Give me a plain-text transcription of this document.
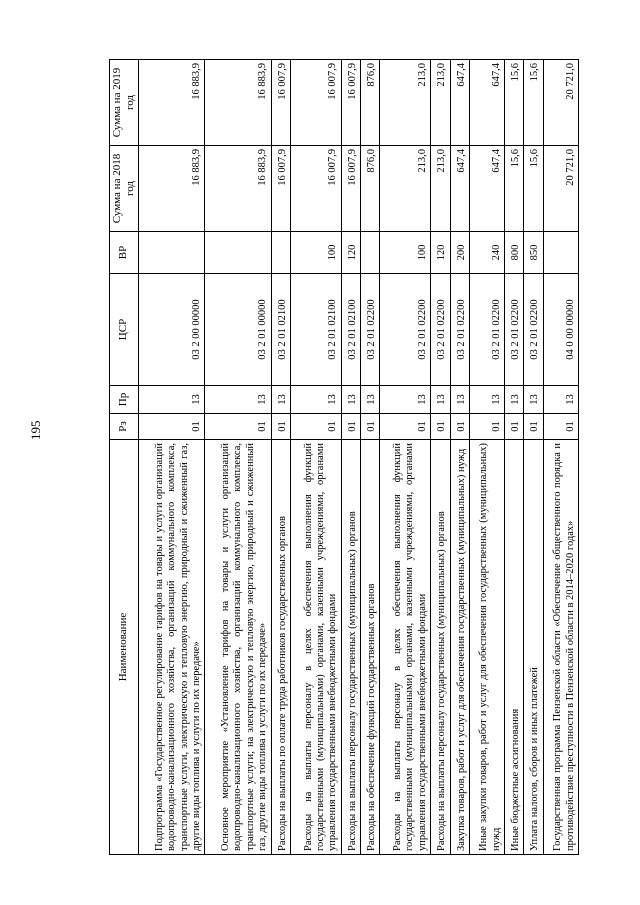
195
Наименование	Рз	Пр	ЦСР	ВР	Сумма на 2018 год	Сумма на 2019 год
Подпрограмма «Государственное регулирование тарифов на товары и услуги организаций водопроводно-канализационного хозяйства, организаций коммунального комплекса, транспортные услуги, электрическую и тепловую энергию, природный и сжиженный газ, другие виды топлива и услуги по их передаче»	01	13	03 2 00 00000		16 883,9	16 883,9
Основное мероприятие «Установление тарифов на товары и услуги организаций водопроводно-канализационного хозяйства, организаций коммунального комплекса, транспортные услуги; на электрическую и тепловую энергию, природный и сжиженный газ, другие виды топлива и услуги по их передаче»	01	13	03 2 01 00000		16 883,9	16 883,9
Расходы на выплаты по оплате труда работников государственных органов	01	13	03 2 01 02100		16 007,9	16 007,9
Расходы на выплаты персоналу в целях обеспечения выполнения функций государственными (муниципальными) органами, казенными учреждениями, органами управления государственными внебюджетными фондами	01	13	03 2 01 02100	100	16 007,9	16 007,9
Расходы на выплаты персоналу государственных (муниципальных) органов	01	13	03 2 01 02100	120	16 007,9	16 007,9
Расходы на обеспечение функций государственных органов	01	13	03 2 01 02200		876,0	876,0
Расходы на выплаты персоналу в целях обеспечения выполнения функций государственными (муниципальными) органами, казенными учреждениями, органами управления государственными внебюджетными фондами	01	13	03 2 01 02200	100	213,0	213,0
Расходы на выплаты персоналу государственных (муниципальных) органов	01	13	03 2 01 02200	120	213,0	213,0
Закупка товаров, работ и услуг для обеспечения государственных (муниципальных) нужд	01	13	03 2 01 02200	200	647,4	647,4
Иные закупки товаров, работ и услуг для обеспечения государственных (муниципальных) нужд	01	13	03 2 01 02200	240	647,4	647,4
Иные бюджетные ассигнования	01	13	03 2 01 02200	800	15,6	15,6
Уплата налогов, сборов и иных платежей	01	13	03 2 01 02200	850	15,6	15,6
Государственная программа Пензенской области «Обеспечение общественного порядка и противодействие преступности в Пензенской области в 2014–2020 годах»	01	13	04 0 00 00000		20 721,0	20 721,0
